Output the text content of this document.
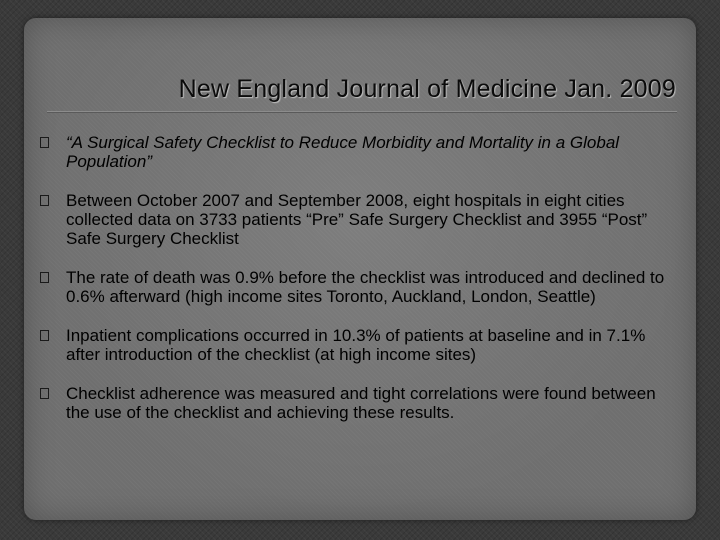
New England Journal of Medicine Jan. 2009
“A Surgical Safety Checklist to Reduce Morbidity and Mortality in a Global Population”
Between October 2007 and September 2008, eight hospitals in eight cities collected data on 3733 patients “Pre” Safe Surgery Checklist and 3955 “Post” Safe Surgery Checklist
The rate of death was 0.9% before the checklist was introduced and declined to 0.6% afterward (high income sites Toronto, Auckland, London, Seattle)
Inpatient complications occurred in 10.3% of patients at baseline and in 7.1% after introduction of the checklist (at high income sites)
Checklist adherence was measured and tight correlations were found between the use of the checklist and achieving these results.
